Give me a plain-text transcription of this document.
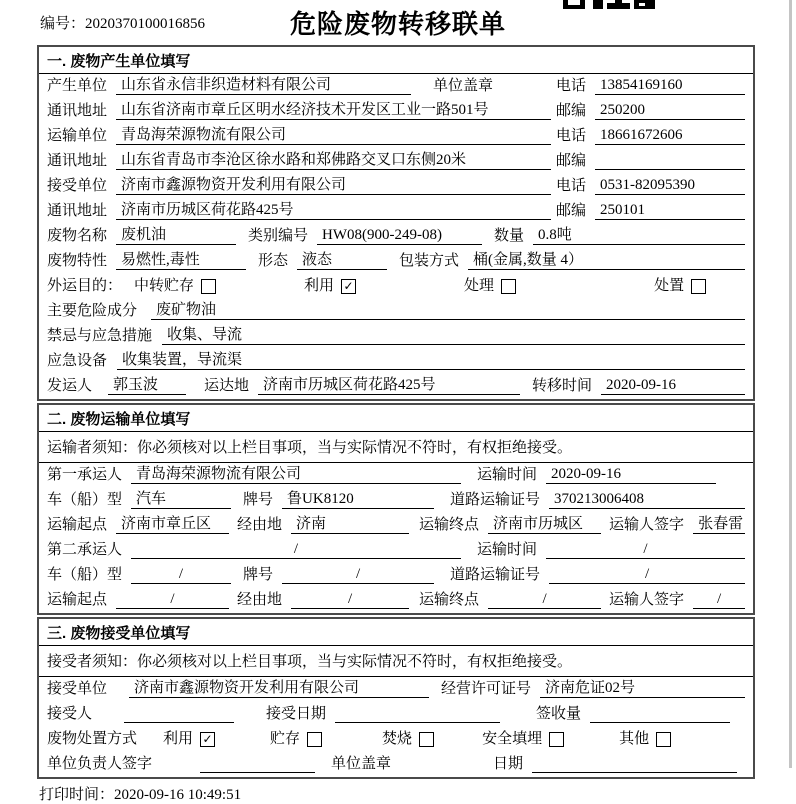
编号：2020370100016856	危险废物转移联单
一. 废物产生单位填写
产生单位 山东省永信非织造材料有限公司	单位盖章	电话 13854169160
通讯地址 山东省济南市章丘区明水经济技术开发区工业一路501号	邮编 250200
运输单位 青岛海荣源物流有限公司	电话 18661672606
通讯地址 山东省青岛市李沧区徐水路和郑佛路交叉口东侧20米	邮编
接受单位 济南市鑫源物资开发利用有限公司	电话 0531-82095390
通讯地址 济南市历城区荷花路425号	邮编 250101
废物名称 废机油	类别编号 HW08(900-249-08)	数量 0.8吨
废物特性 易燃性,毒性	形态 液态	包装方式 桶(金属,数量 4）
外运目的： 中转贮存	利用 ✓	处理	处置
主要危险成分	废矿物油
禁忌与应急措施	收集、导流
应急设备	收集装置，导流渠
发运人	郭玉波	运达地 济南市历城区荷花路425号	转移时间 2020-09-16
二. 废物运输单位填写
运输者须知：你必须核对以上栏目事项，当与实际情况不符时，有权拒绝接受。
第一承运人 青岛海荣源物流有限公司	运输时间 2020-09-16
车（船）型 汽车	牌号 鲁UK8120	道路运输证号 370213006408
运输起点 济南市章丘区	经由地 济南	运输终点 济南市历城区	运输人签字 张春雷
第二承运人	/	运输时间	/
车（船）型	/	牌号	/	道路运输证号	/
运输起点	/	经由地	/	运输终点	/	运输人签字	/
三. 废物接受单位填写
接受者须知：你必须核对以上栏目事项，当与实际情况不符时，有权拒绝接受。
接受单位	济南市鑫源物资开发利用有限公司	经营许可证号 济南危证02号
接受人	接受日期	签收量
废物处置方式 利用 ✓	贮存	焚烧	安全填埋	其他
单位负责人签字	单位盖章	日期
打印时间：2020-09-16 10:49:51
